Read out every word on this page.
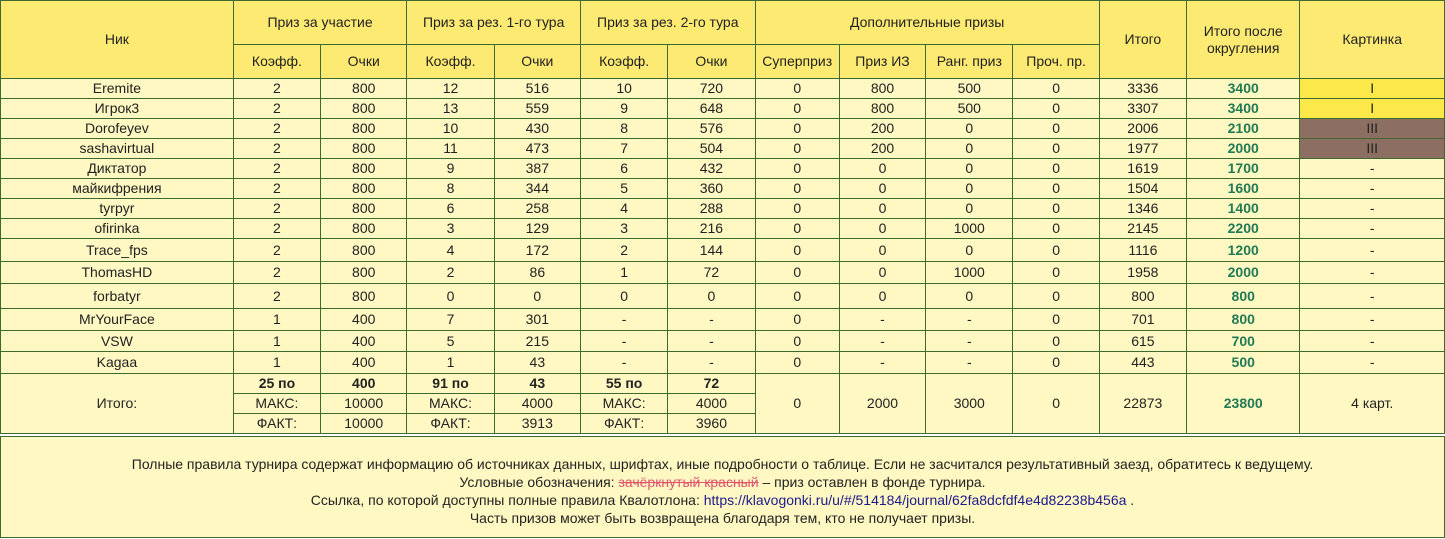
Ник	Приз за участие		Приз за рез. 1-го тура		Приз за рез. 2-го тура		Дополнительные призы				Итого	Итого после округления	Картинка
	Коэфф.	Очки	Коэфф.	Очки	Коэфф.	Очки	Суперприз	Приз ИЗ	Ранг. приз	Проч. пр.			
Eremite	2	800	12	516	10	720	0	800	500	0	3336	3400	I
Игрок3	2	800	13	559	9	648	0	800	500	0	3307	3400	I
Dorofeyev	2	800	10	430	8	576	0	200	0	0	2006	2100	III
sashavirtual	2	800	11	473	7	504	0	200	0	0	1977	2000	III
Диктатор	2	800	9	387	6	432	0	0	0	0	1619	1700	-
майкифрения	2	800	8	344	5	360	0	0	0	0	1504	1600	-
tyrpyr	2	800	6	258	4	288	0	0	0	0	1346	1400	-
ofirinka	2	800	3	129	3	216	0	0	1000	0	2145	2200	-
Trace_fps	2	800	4	172	2	144	0	0	0	0	1116	1200	-
ThomasHD	2	800	2	86	1	72	0	0	1000	0	1958	2000	-
forbatyr	2	800	0	0	0	0	0	0	0	0	800	800	-
MrYourFace	1	400	7	301	-	-	0	-	-	0	701	800	-
VSW	1	400	5	215	-	-	0	-	-	0	615	700	-
Kagaa	1	400	1	43	-	-	0	-	-	0	443	500	-
Итого:	25 по	400	91 по	43	55 по	72	0	2000	3000	0	22873	23800	4 карт.
	МАКС:	10000	МАКС:	4000	МАКС:	4000							
	ФАКТ:	10000	ФАКТ:	3913	ФАКТ:	3960							
Полные правила турнира содержат информацию об источниках данных, шрифтах, иные подробности о таблице. Если не засчитался результативный заезд, обратитесь к ведущему.
Условные обозначения: зачёркнутый красный – приз оставлен в фонде турнира.
Ссылка, по которой доступны полные правила Квалотлона: https://klavogonki.ru/u/#/514184/journal/62fa8dcfdf4e4d82238b456a .
Часть призов может быть возвращена благодаря тем, кто не получает призы.
